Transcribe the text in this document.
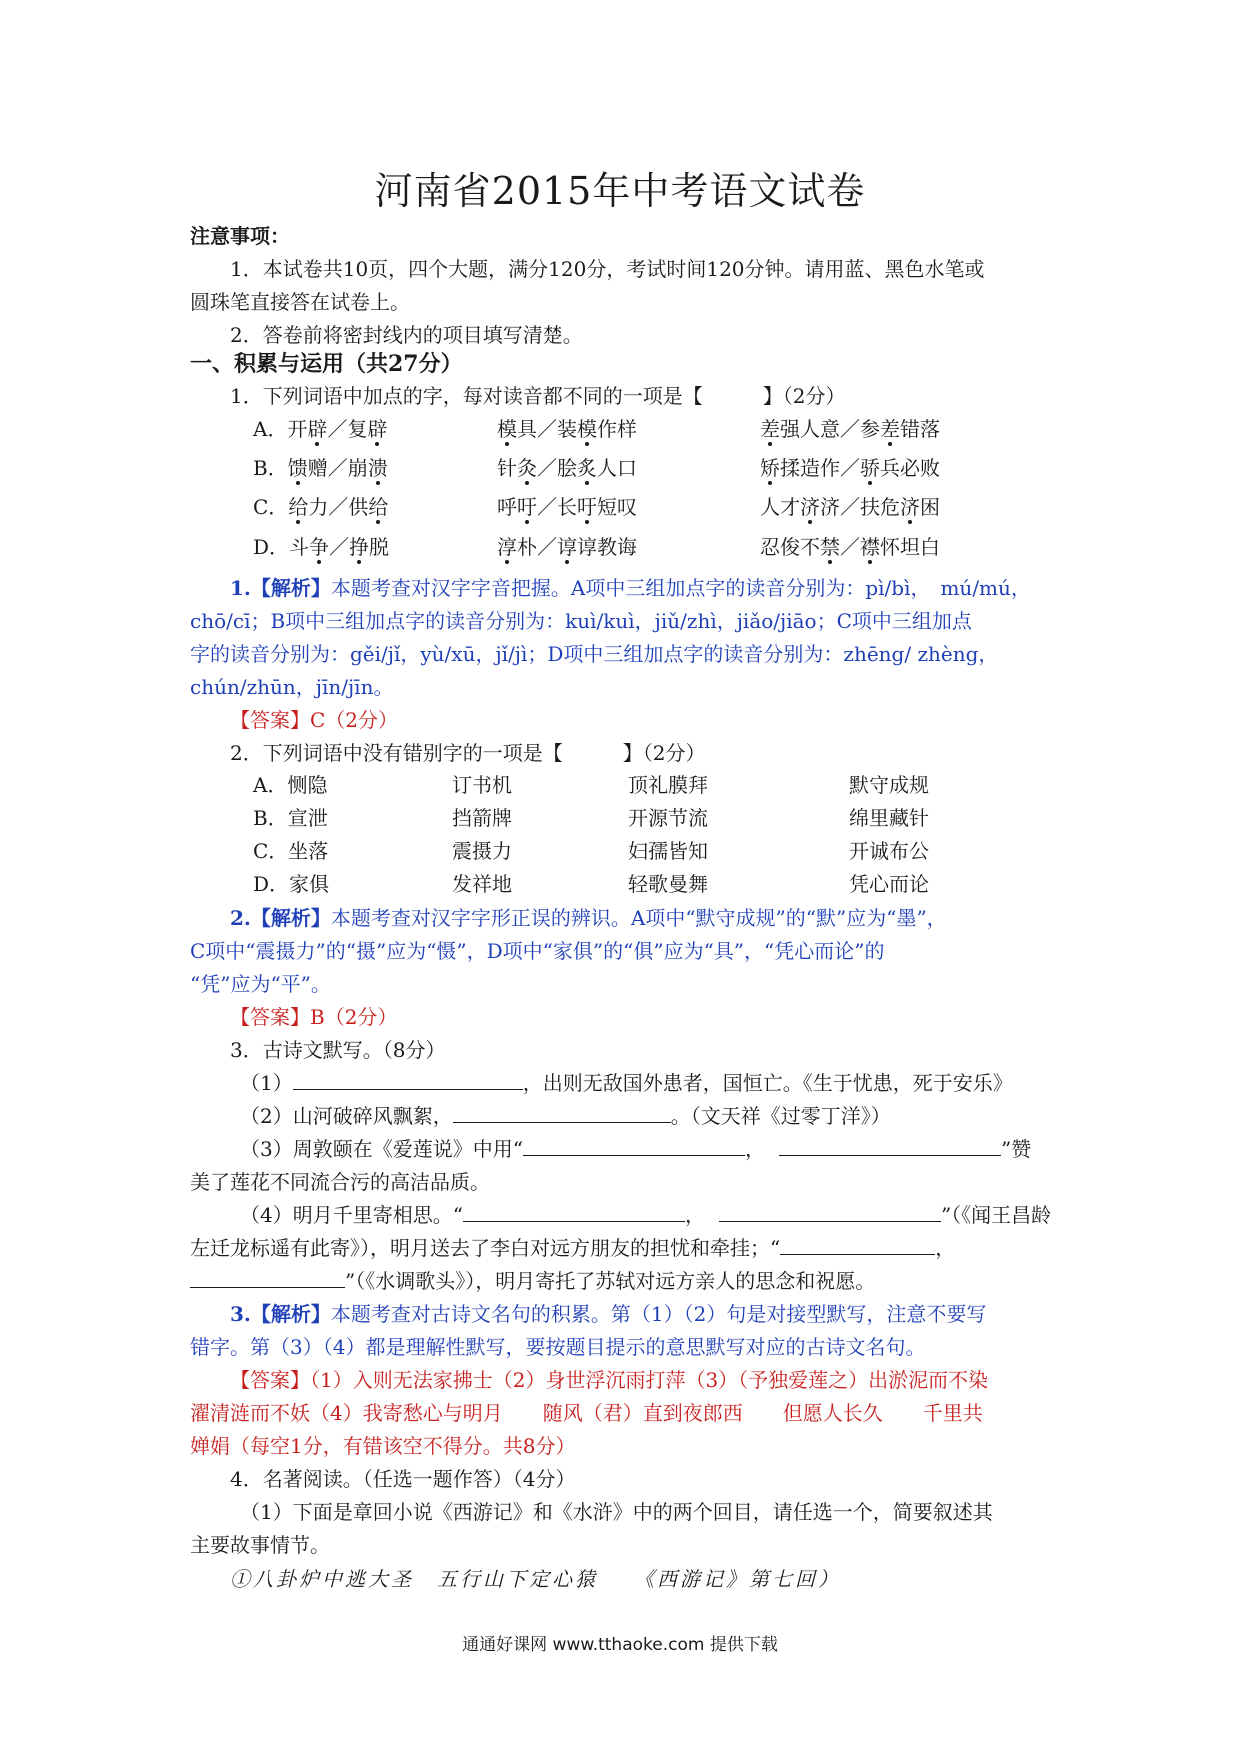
河南省2015年中考语文试卷
注意事项：
1．本试卷共10页，四个大题，满分120分，考试时间120分钟。请用蓝、黑色水笔或
圆珠笔直接答在试卷上。
2．答卷前将密封线内的项目填写清楚。
一、积累与运用（共27分）
1．下列词语中加点的字，每对读音都不同的一项是【　　　】（2分）
A．开辟／复辟	模具／装模作样	差强人意／参差错落
B．馈赠／崩溃	针灸／脍炙人口	矫揉造作／骄兵必败
C．给力／供给	呼吁／长吁短叹	人才济济／扶危济困
D．斗争／挣脱	淳朴／谆谆教诲	忍俊不禁／襟怀坦白
1.【解析】本题考查对汉字字音把握。A项中三组加点字的读音分别为：pì/bì，　mú/mú，
chō/cī；B项中三组加点字的读音分别为：kuì/kuì，jiǔ/zhì，jiǎo/jiāo；C项中三组加点
字的读音分别为：gěi/jǐ，yù/xū，jǐ/jì；D项中三组加点字的读音分别为：zhēng/ zhèng，
chún/zhūn，jīn/jīn。
【答案】C（2分）
2．下列词语中没有错别字的一项是【　　　】（2分）
A．恻隐	订书机	顶礼膜拜	默守成规
B．宣泄	挡箭牌	开源节流	绵里藏针
C．坐落	震摄力	妇孺皆知	开诚布公
D．家俱	发祥地	轻歌曼舞	凭心而论
2.【解析】本题考查对汉字字形正误的辨识。A项中“默守成规”的“默”应为“墨”，
C项中“震摄力”的“摄”应为“慑”，D项中“家俱”的“俱”应为“具”，“凭心而论”的
“凭”应为“平”。
【答案】B（2分）
3．古诗文默写。（8分）
（1）	，出则无敌国外患者，国恒亡。《生于忧患，死于安乐》
（2）山河破碎风飘絮，	。（文天祥《过零丁洋》）
（3）周敦颐在《爱莲说》中用“	，	”赞
美了莲花不同流合污的高洁品质。
（4）明月千里寄相思。“	，	”（《闻王昌龄
左迁龙标遥有此寄》），明月送去了李白对远方朋友的担忧和牵挂；“	，
”（《水调歌头》），明月寄托了苏轼对远方亲人的思念和祝愿。
3.【解析】本题考查对古诗文名句的积累。第（1）（2）句是对接型默写，注意不要写
错字。第（3）（4）都是理解性默写，要按题目提示的意思默写对应的古诗文名句。
【答案】（1）入则无法家拂士（2）身世浮沉雨打萍（3）（予独爱莲之）出淤泥而不染
濯清涟而不妖（4）我寄愁心与明月　　随风（君）直到夜郎西　　但愿人长久　　千里共
婵娟（每空1分，有错该空不得分。共8分）
4．名著阅读。（任选一题作答）（4分）
（1）下面是章回小说《西游记》和《水浒》中的两个回目，请任选一个，简要叙述其
主要故事情节。
①八卦炉中逃大圣　五行山下定心猿　　《西游记》第七回）
通通好课网 www.tthaoke.com 提供下载
